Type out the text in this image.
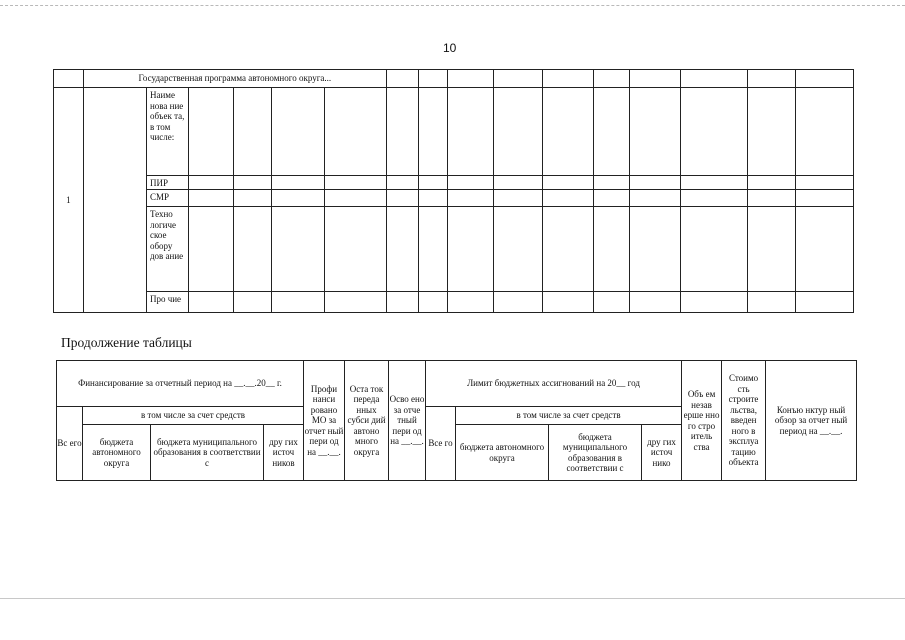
10
	Государственная программа автономного округа...															
1		Наиме нова ние объек та, в том числе:														
		ПИР														
		СМР														
		Техно логиче ское обору дов ание														
		Про чие														
Продолжение таблицы
Финансирование за отчетный период на __.__.20__ г.				Профи нанси ровано МО за отчет ный пери од на __.__.	Оста ток переда нных субси дий автоно много округа	Осво ено за отче тный пери од на __.__.	Лимит бюджетных ассигнований на 20__ год				Объ ем незав ерше нно го стро итель ства	Стоимо сть строите льства, введен ного в эксплуа тацию объекта	Конъю нктур ный обзор за отчет ный период на __.__.
Вс его	в том числе за счет средств						Все го	в том числе за счет средств					
	бюджета автономного округа	бюджета муниципального образования в соответствии с	дру гих источ ников					бюджета автономного округа	бюджета муниципального образования в соответствии с	дру гих источ нико			
